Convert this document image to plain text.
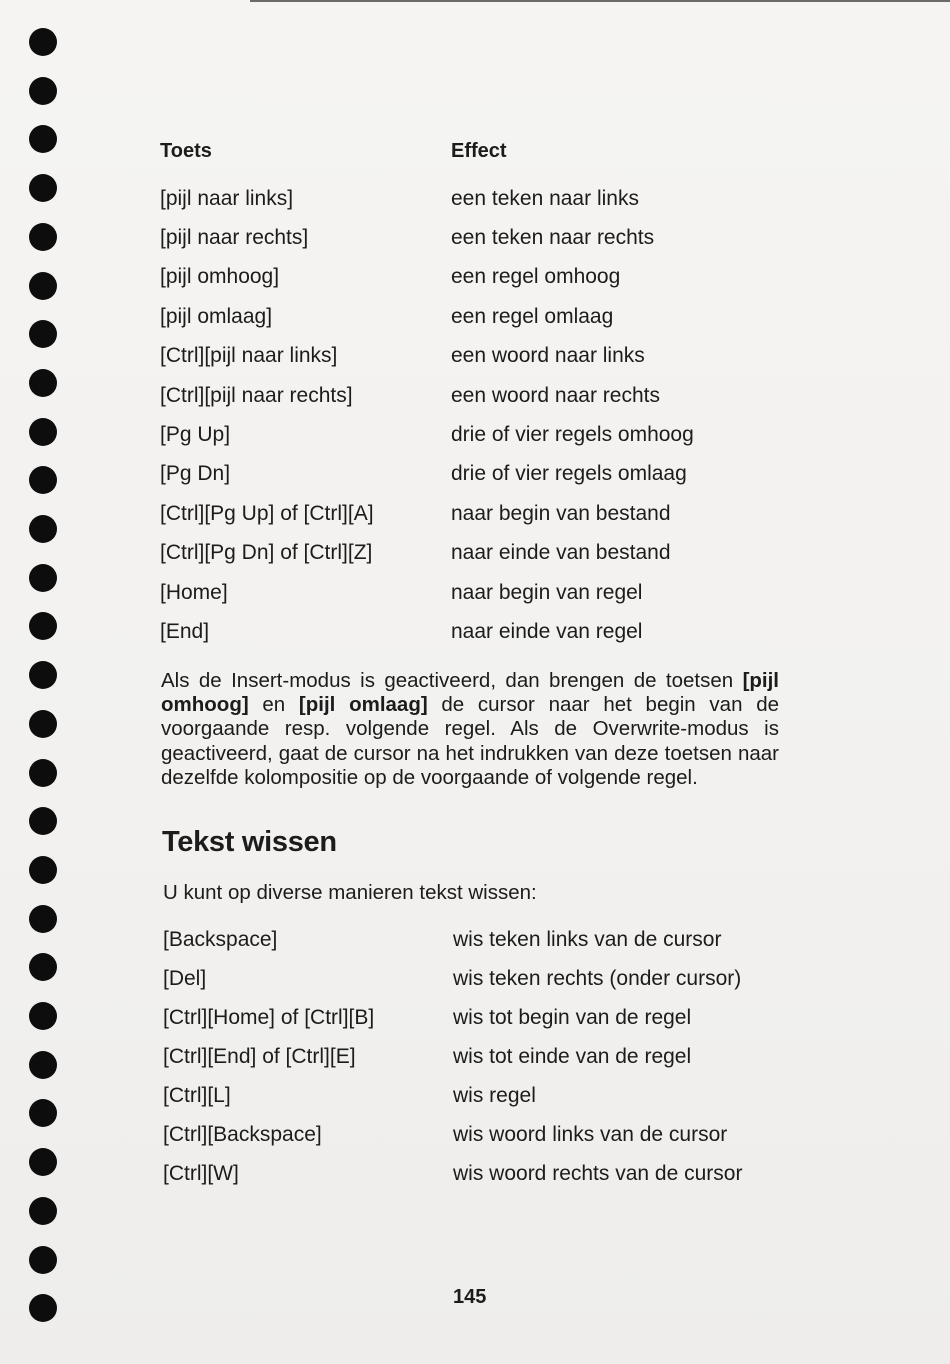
Toets	Effect
[pijl naar links]	een teken naar links
[pijl naar rechts]	een teken naar rechts
[pijl omhoog]	een regel omhoog
[pijl omlaag]	een regel omlaag
[Ctrl][pijl naar links]	een woord naar links
[Ctrl][pijl naar rechts]	een woord naar rechts
[Pg Up]	drie of vier regels omhoog
[Pg Dn]	drie of vier regels omlaag
[Ctrl][Pg Up] of [Ctrl][A]	naar begin van bestand
[Ctrl][Pg Dn] of [Ctrl][Z]	naar einde van bestand
[Home]	naar begin van regel
[End]	naar einde van regel

Als de Insert-modus is geactiveerd, dan brengen de toetsen [pijl omhoog] en [pijl omlaag] de cursor naar het begin van de voorgaande resp. volgende regel. Als de Overwrite-modus is geactiveerd, gaat de cursor na het indrukken van deze toetsen naar dezelfde kolompositie op de voorgaande of volgende regel.

Tekst wissen
U kunt op diverse manieren tekst wissen:
[Backspace]	wis teken links van de cursor
[Del]	wis teken rechts (onder cursor)
[Ctrl][Home] of [Ctrl][B]	wis tot begin van de regel
[Ctrl][End] of [Ctrl][E]	wis tot einde van de regel
[Ctrl][L]	wis regel
[Ctrl][Backspace]	wis woord links van de cursor
[Ctrl][W]	wis woord rechts van de cursor
145
